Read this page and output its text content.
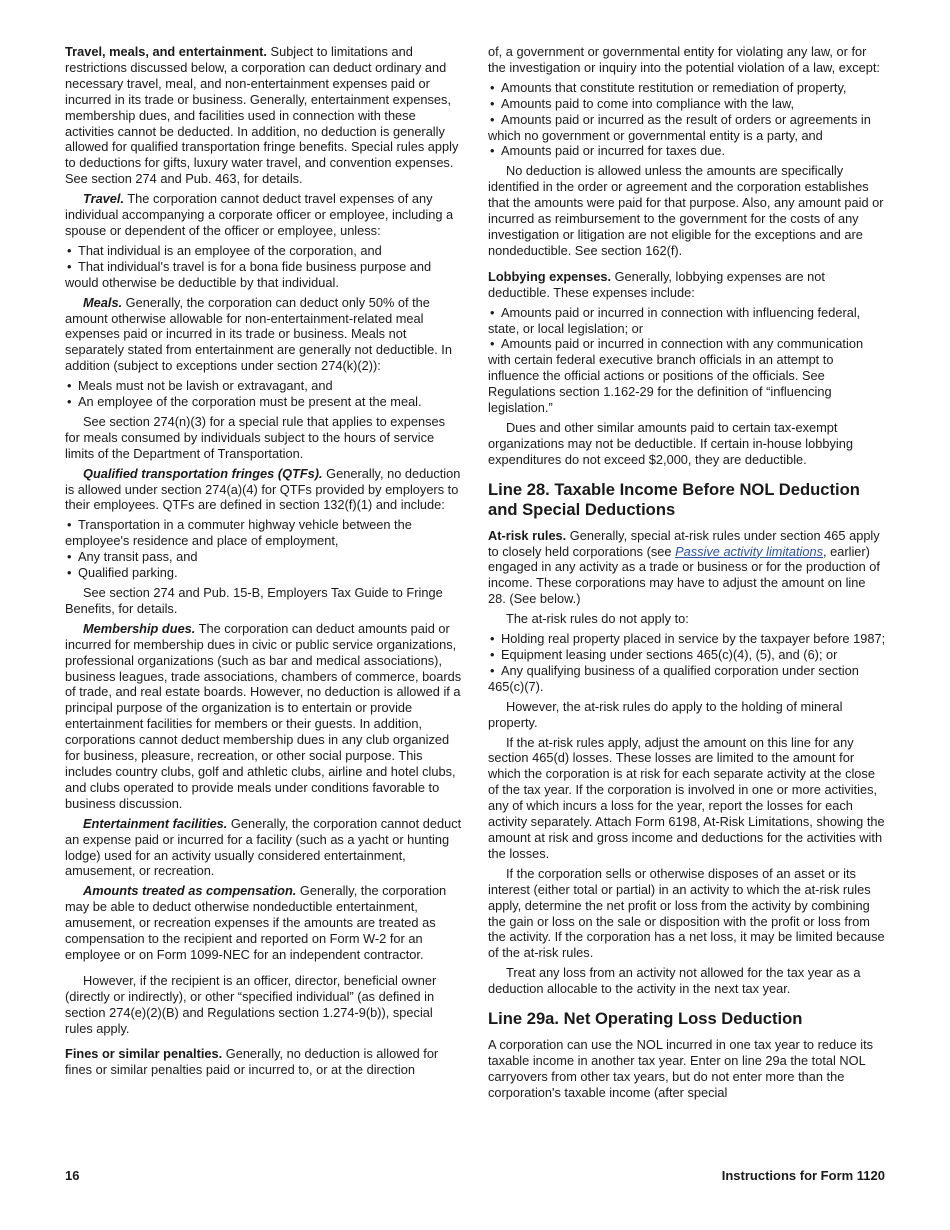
Travel, meals, and entertainment. Subject to limitations and restrictions discussed below, a corporation can deduct ordinary and necessary travel, meal, and non-entertainment expenses paid or incurred in its trade or business. Generally, entertainment expenses, membership dues, and facilities used in connection with these activities cannot be deducted. In addition, no deduction is generally allowed for qualified transportation fringe benefits. Special rules apply to deductions for gifts, luxury water travel, and convention expenses. See section 274 and Pub. 463, for details.

Travel. The corporation cannot deduct travel expenses of any individual accompanying a corporate officer or employee, including a spouse or dependent of the officer or employee, unless:

• That individual is an employee of the corporation, and
• That individual's travel is for a bona fide business purpose and would otherwise be deductible by that individual.

Meals. Generally, the corporation can deduct only 50% of the amount otherwise allowable for non-entertainment-related meal expenses paid or incurred in its trade or business. Meals not separately stated from entertainment are generally not deductible. In addition (subject to exceptions under section 274(k)(2)):

• Meals must not be lavish or extravagant, and
• An employee of the corporation must be present at the meal.

See section 274(n)(3) for a special rule that applies to expenses for meals consumed by individuals subject to the hours of service limits of the Department of Transportation.

Qualified transportation fringes (QTFs). Generally, no deduction is allowed under section 274(a)(4) for QTFs provided by employers to their employees. QTFs are defined in section 132(f)(1) and include:

• Transportation in a commuter highway vehicle between the employee's residence and place of employment,
• Any transit pass, and
• Qualified parking.

See section 274 and Pub. 15-B, Employers Tax Guide to Fringe Benefits, for details.

Membership dues. The corporation can deduct amounts paid or incurred for membership dues in civic or public service organizations, professional organizations (such as bar and medical associations), business leagues, trade associations, chambers of commerce, boards of trade, and real estate boards. However, no deduction is allowed if a principal purpose of the organization is to entertain or provide entertainment facilities for members or their guests. In addition, corporations cannot deduct membership dues in any club organized for business, pleasure, recreation, or other social purpose. This includes country clubs, golf and athletic clubs, airline and hotel clubs, and clubs operated to provide meals under conditions favorable to business discussion.

Entertainment facilities. Generally, the corporation cannot deduct an expense paid or incurred for a facility (such as a yacht or hunting lodge) used for an activity usually considered entertainment, amusement, or recreation.

Amounts treated as compensation. Generally, the corporation may be able to deduct otherwise nondeductible entertainment, amusement, or recreation expenses if the amounts are treated as compensation to the recipient and reported on Form W-2 for an employee or on Form 1099-NEC for an independent contractor.

However, if the recipient is an officer, director, beneficial owner (directly or indirectly), or other “specified individual” (as defined in section 274(e)(2)(B) and Regulations section 1.274-9(b)), special rules apply.

Fines or similar penalties. Generally, no deduction is allowed for fines or similar penalties paid or incurred to, or at the direction

of, a government or governmental entity for violating any law, or for the investigation or inquiry into the potential violation of a law, except:

• Amounts that constitute restitution or remediation of property,
• Amounts paid to come into compliance with the law,
• Amounts paid or incurred as the result of orders or agreements in which no government or governmental entity is a party, and
• Amounts paid or incurred for taxes due.

No deduction is allowed unless the amounts are specifically identified in the order or agreement and the corporation establishes that the amounts were paid for that purpose. Also, any amount paid or incurred as reimbursement to the government for the costs of any investigation or litigation are not eligible for the exceptions and are nondeductible. See section 162(f).

Lobbying expenses. Generally, lobbying expenses are not deductible. These expenses include:

• Amounts paid or incurred in connection with influencing federal, state, or local legislation; or
• Amounts paid or incurred in connection with any communication with certain federal executive branch officials in an attempt to influence the official actions or positions of the officials. See Regulations section 1.162-29 for the definition of “influencing legislation.”

Dues and other similar amounts paid to certain tax-exempt organizations may not be deductible. If certain in-house lobbying expenditures do not exceed $2,000, they are deductible.

Line 28. Taxable Income Before NOL Deduction and Special Deductions

At-risk rules. Generally, special at-risk rules under section 465 apply to closely held corporations (see Passive activity limitations, earlier) engaged in any activity as a trade or business or for the production of income. These corporations may have to adjust the amount on line 28. (See below.)

The at-risk rules do not apply to:

• Holding real property placed in service by the taxpayer before 1987;
• Equipment leasing under sections 465(c)(4), (5), and (6); or
• Any qualifying business of a qualified corporation under section 465(c)(7).

However, the at-risk rules do apply to the holding of mineral property.

If the at-risk rules apply, adjust the amount on this line for any section 465(d) losses. These losses are limited to the amount for which the corporation is at risk for each separate activity at the close of the tax year. If the corporation is involved in one or more activities, any of which incurs a loss for the year, report the losses for each activity separately. Attach Form 6198, At-Risk Limitations, showing the amount at risk and gross income and deductions for the activities with the losses.

If the corporation sells or otherwise disposes of an asset or its interest (either total or partial) in an activity to which the at-risk rules apply, determine the net profit or loss from the activity by combining the gain or loss on the sale or disposition with the profit or loss from the activity. If the corporation has a net loss, it may be limited because of the at-risk rules.

Treat any loss from an activity not allowed for the tax year as a deduction allocable to the activity in the next tax year.

Line 29a. Net Operating Loss Deduction

A corporation can use the NOL incurred in one tax year to reduce its taxable income in another tax year. Enter on line 29a the total NOL carryovers from other tax years, but do not enter more than the corporation's taxable income (after special

16	Instructions for Form 1120
